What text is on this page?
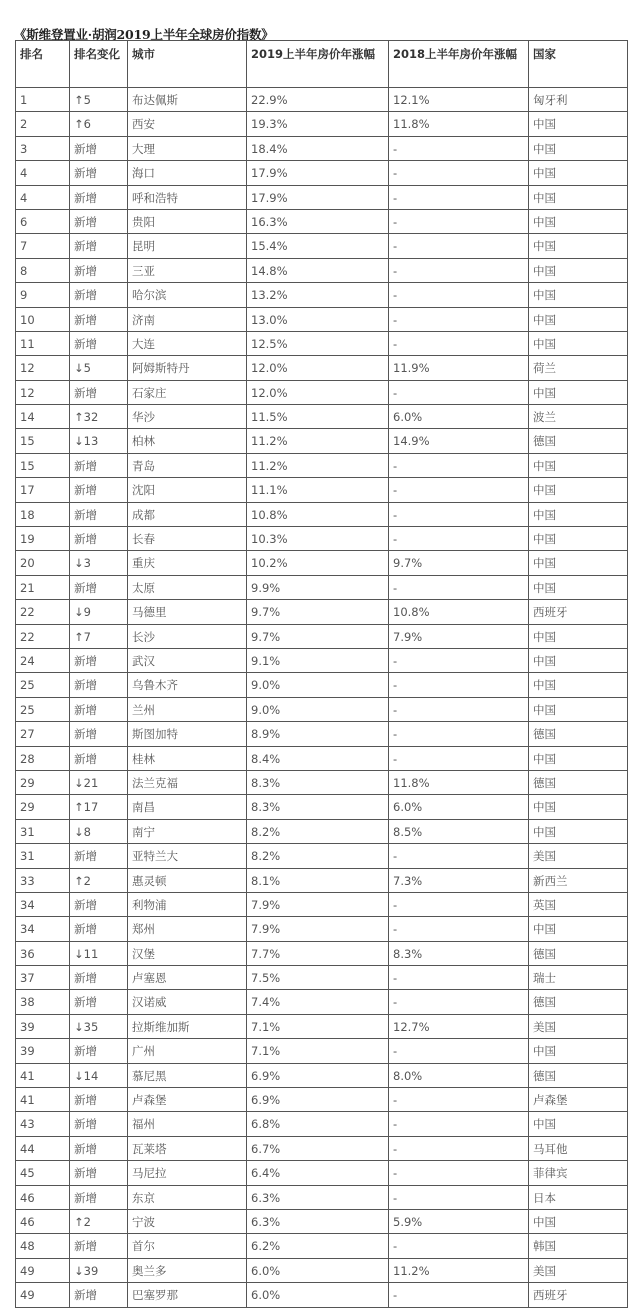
《斯维登置业·胡润2019上半年全球房价指数》
排名	排名变化	城市	2019上半年房价年涨幅	2018上半年房价年涨幅	国家
1	↑5	布达佩斯	22.9%	12.1%	匈牙利
2	↑6	西安	19.3%	11.8%	中国
3	新增	大理	18.4%	-	中国
4	新增	海口	17.9%	-	中国
4	新增	呼和浩特	17.9%	-	中国
6	新增	贵阳	16.3%	-	中国
7	新增	昆明	15.4%	-	中国
8	新增	三亚	14.8%	-	中国
9	新增	哈尔滨	13.2%	-	中国
10	新增	济南	13.0%	-	中国
11	新增	大连	12.5%	-	中国
12	↓5	阿姆斯特丹	12.0%	11.9%	荷兰
12	新增	石家庄	12.0%	-	中国
14	↑32	华沙	11.5%	6.0%	波兰
15	↓13	柏林	11.2%	14.9%	德国
15	新增	青岛	11.2%	-	中国
17	新增	沈阳	11.1%	-	中国
18	新增	成都	10.8%	-	中国
19	新增	长春	10.3%	-	中国
20	↓3	重庆	10.2%	9.7%	中国
21	新增	太原	9.9%	-	中国
22	↓9	马德里	9.7%	10.8%	西班牙
22	↑7	长沙	9.7%	7.9%	中国
24	新增	武汉	9.1%	-	中国
25	新增	乌鲁木齐	9.0%	-	中国
25	新增	兰州	9.0%	-	中国
27	新增	斯图加特	8.9%	-	德国
28	新增	桂林	8.4%	-	中国
29	↓21	法兰克福	8.3%	11.8%	德国
29	↑17	南昌	8.3%	6.0%	中国
31	↓8	南宁	8.2%	8.5%	中国
31	新增	亚特兰大	8.2%	-	美国
33	↑2	惠灵顿	8.1%	7.3%	新西兰
34	新增	利物浦	7.9%	-	英国
34	新增	郑州	7.9%	-	中国
36	↓11	汉堡	7.7%	8.3%	德国
37	新增	卢塞恩	7.5%	-	瑞士
38	新增	汉诺威	7.4%	-	德国
39	↓35	拉斯维加斯	7.1%	12.7%	美国
39	新增	广州	7.1%	-	中国
41	↓14	慕尼黑	6.9%	8.0%	德国
41	新增	卢森堡	6.9%	-	卢森堡
43	新增	福州	6.8%	-	中国
44	新增	瓦莱塔	6.7%	-	马耳他
45	新增	马尼拉	6.4%	-	菲律宾
46	新增	东京	6.3%	-	日本
46	↑2	宁波	6.3%	5.9%	中国
48	新增	首尔	6.2%	-	韩国
49	↓39	奥兰多	6.0%	11.2%	美国
49	新增	巴塞罗那	6.0%	-	西班牙
